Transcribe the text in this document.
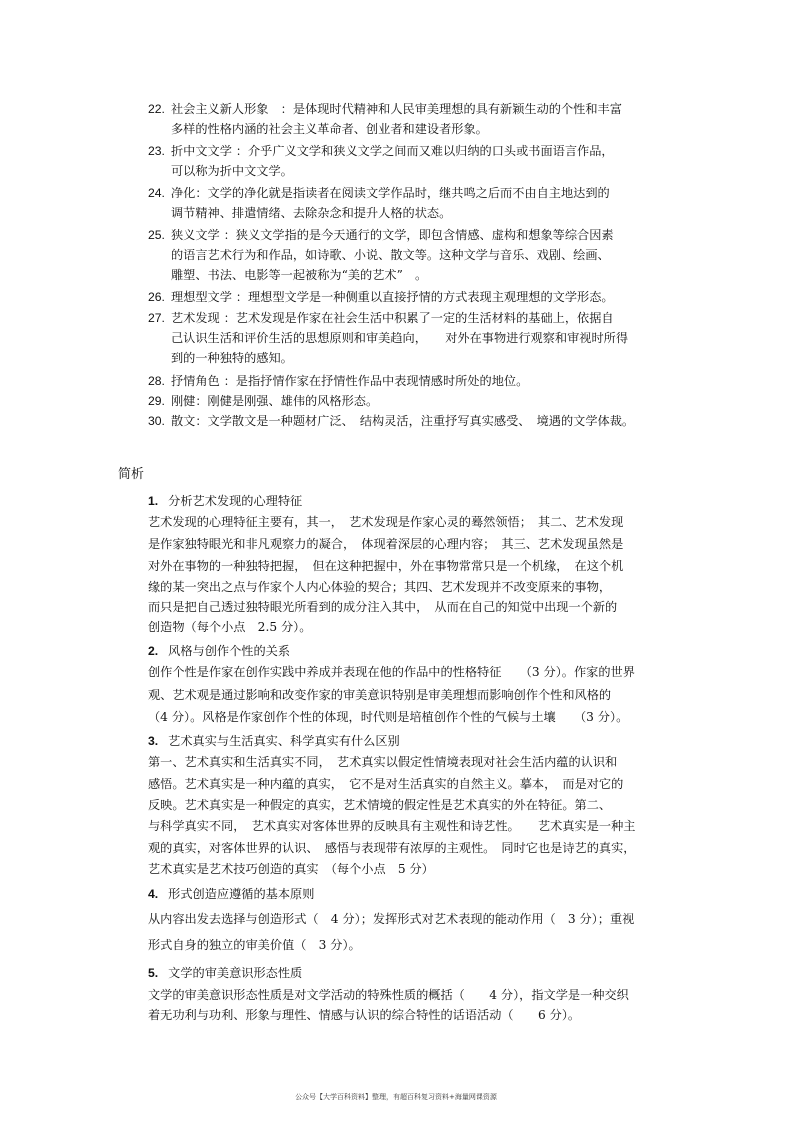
22. 社会主义新人形象　：是体现时代精神和人民审美理想的具有新颖生动的个性和丰富
多样的性格内涵的社会主义革命者、创业者和建设者形象。
23. 折中文文学 ：介乎广义文学和狭义文学之间而又难以归纳的口头或书面语言作品，
可以称为折中文文学。
24. 净化：文学的净化就是指读者在阅读文学作品时，继共鸣之后而不由自主地达到的
调节精神、排遣情绪、去除杂念和提升人格的状态。
25. 狭义文学 ：狭义文学指的是今天通行的文学，即包含情感、虚构和想象等综合因素
的语言艺术行为和作品，如诗歌、小说、散文等。这种文学与音乐、戏剧、绘画、
雕塑、书法、电影等一起被称为“美的艺术”　。
26. 理想型文学 ：理想型文学是一种侧重以直接抒情的方式表现主观理想的文学形态。
27. 艺术发现 ：艺术发现是作家在社会生活中积累了一定的生活材料的基础上，依据自
己认识生活和评价生活的思想原则和审美趋向，　　对外在事物进行观察和审视时所得
到的一种独特的感知。
28. 抒情角色 ：是指抒情作家在抒情性作品中表现情感时所处的地位。
29. 刚健：刚健是刚强、雄伟的风格形态。
30. 散文：文学散文是一种题材广泛、　结构灵活，注重抒写真实感受、　境遇的文学体裁。
简析
1. 分析艺术发现的心理特征
艺术发现的心理特征主要有，其一，　艺术发现是作家心灵的蓦然领悟；　其二、艺术发现
是作家独特眼光和非凡观察力的凝合，　体现着深层的心理内容；　其三、艺术发现虽然是
对外在事物的一种独特把握，　但在这种把握中，外在事物常常只是一个机缘，　在这个机
缘的某一突出之点与作家个人内心体验的契合；其四、艺术发现并不改变原来的事物，
而只是把自己透过独特眼光所看到的成分注入其中，　从而在自己的知觉中出现一个新的
创造物（每个小点　2.5 分）。
2. 风格与创作个性的关系
创作个性是作家在创作实践中养成并表现在他的作品中的性格特征　　（3 分）。作家的世界
观、艺术观是通过影响和改变作家的审美意识特别是审美理想而影响创作个性和风格的
（4 分）。风格是作家创作个性的体现，时代则是培植创作个性的气候与土壤　　（3 分）。
3. 艺术真实与生活真实、科学真实有什么区别
第一、艺术真实和生活真实不同，　艺术真实以假定性情境表现对社会生活内蕴的认识和
感悟。艺术真实是一种内蕴的真实，　它不是对生活真实的自然主义。摹本，　而是对它的
反映。艺术真实是一种假定的真实，艺术情境的假定性是艺术真实的外在特征。第二、
与科学真实不同，　艺术真实对客体世界的反映具有主观性和诗艺性。　　艺术真实是一种主
观的真实，对客体世界的认识、　感悟与表现带有浓厚的主观性。　同时它也是诗艺的真实，
艺术真实是艺术技巧创造的真实　（每个小点　5 分）
4. 形式创造应遵循的基本原则
从内容出发去选择与创造形式（　4 分）；发挥形式对艺术表现的能动作用（　3 分）；重视
形式自身的独立的审美价值（　3 分）。
5. 文学的审美意识形态性质
文学的审美意识形态性质是对文学活动的特殊性质的概括（　　4 分），指文学是一种交织
着无功利与功利、形象与理性、情感与认识的综合特性的话语活动（　　6 分）。
公众号【大学百科资料】整理，有超百科复习资料+海量网课资源
